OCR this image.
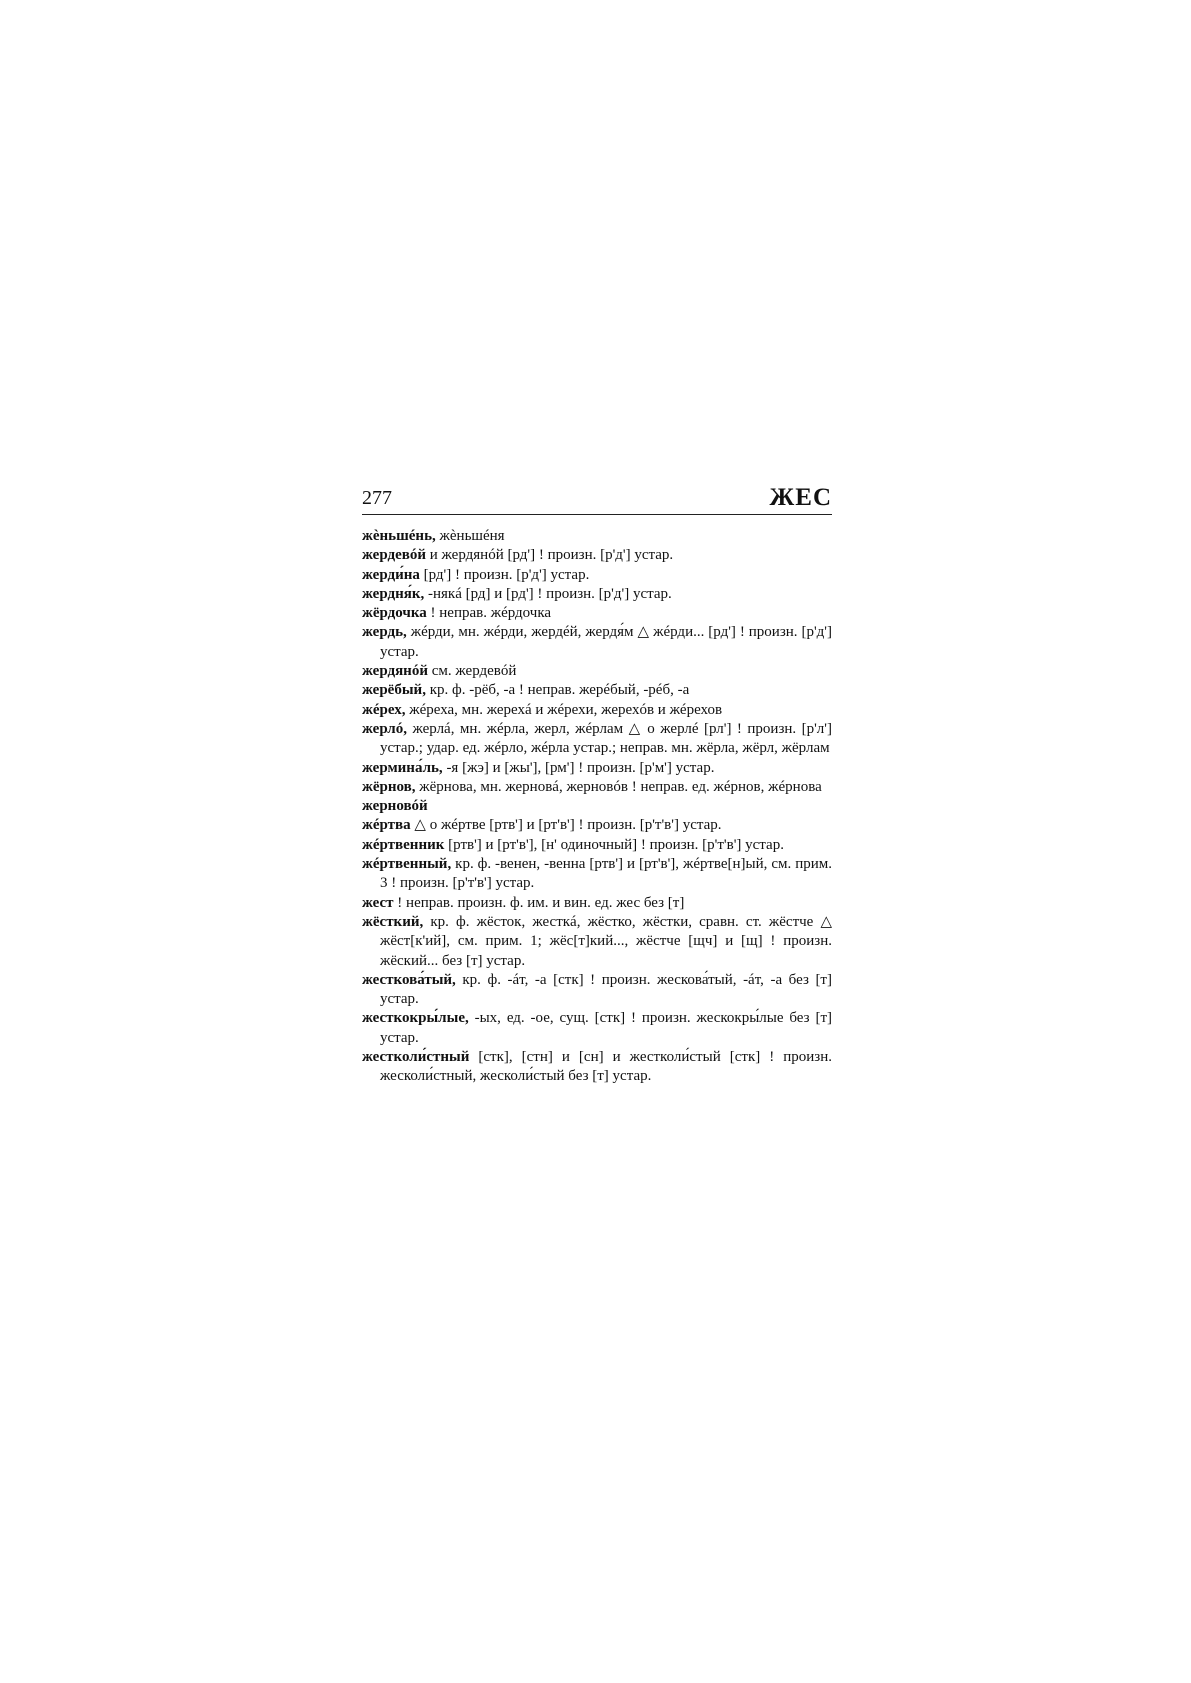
277	ЖЕС
жѐньшéнь, жѐньшéня
жердевóй и жердянóй [рд'] ! произн. [р'д'] устар.
жерди́на [рд'] ! произн. [р'д'] устар.
жердня́к, -някá [рд] и [рд'] ! произн. [р'д'] устар.
жёрдочка ! неправ. жéрдочка
жердь, жéрди, мн. жéрди, жердéй, жердя́м △ жéрди... [рд'] ! произн. [р'д'] устар.
жердянóй см. жердевóй
жерёбый, кр. ф. -рёб, -а ! неправ. жерéбый, -рéб, -а
жéрех, жéреха, мн. жерехá и жéрехи, жерехóв и жéрехов
жерлó, жерлá, мн. жéрла, жерл, жéрлам △ о жерлé [рл'] ! произн. [р'л'] устар.; удар. ед. жéрло, жéрла устар.; неправ. мн. жёрла, жёрл, жёрлам
жермина́ль, -я [жэ] и [жы'], [рм'] ! произн. [р'м'] устар.
жёрнов, жёрнова, мн. жерновá, жерновóв ! неправ. ед. жéрнов, жéрнова
жерновóй
жéртва △ о жéртве [ртв'] и [рт'в'] ! произн. [р'т'в'] устар.
жéртвенник [ртв'] и [рт'в'], [н' одиночный] ! произн. [р'т'в'] устар.
жéртвенный, кр. ф. -венен, -венна [ртв'] и [рт'в'], жéртве[н]ый, см. прим. 3 ! произн. [р'т'в'] устар.
жест ! неправ. произн. ф. им. и вин. ед. жес без [т]
жёсткий, кр. ф. жёсток, жесткá, жёстко, жёстки, сравн. ст. жёстче △ жёст[к'ий], см. прим. 1; жёс[т]кий..., жёстче [щч] и [щ] ! произн. жёский... без [т] устар.
жесткова́тый, кр. ф. -áт, -а [стк] ! произн. жескова́тый, -áт, -а без [т] устар.
жесткокры́лые, -ых, ед. -ое, сущ. [стк] ! произн. жескокры́лые без [т] устар.
жестколи́стный [стк], [стн] и [сн] и жестколи́стый [стк] ! произн. жесколи́стный, жесколи́стый без [т] устар.
